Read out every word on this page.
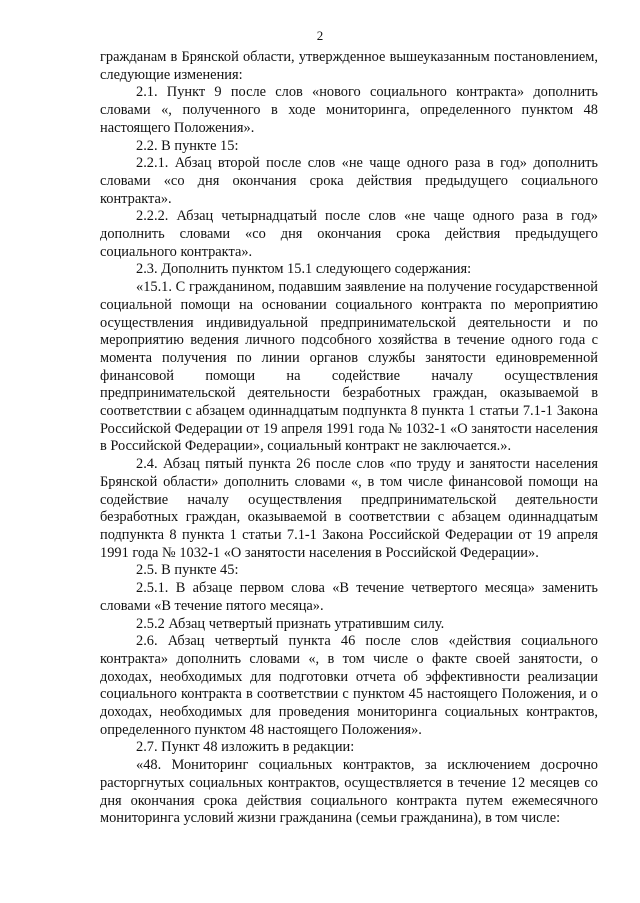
2

гражданам в Брянской области, утвержденное вышеуказанным постановлением, следующие изменения:

2.1. Пункт 9 после слов «нового социального контракта» дополнить словами «, полученного в ходе мониторинга, определенного пунктом 48 настоящего Положения».

2.2. В пункте 15:

2.2.1. Абзац второй после слов «не чаще одного раза в год» дополнить словами «со дня окончания срока действия предыдущего социального контракта».

2.2.2. Абзац четырнадцатый после слов «не чаще одного раза в год» дополнить словами «со дня окончания срока действия предыдущего социального контракта».

2.3. Дополнить пунктом 15.1 следующего содержания:

«15.1. С гражданином, подавшим заявление на получение государственной социальной помощи на основании социального контракта по мероприятию осуществления индивидуальной предпринимательской деятельности и по мероприятию ведения личного подсобного хозяйства в течение одного года с момента получения по линии органов службы занятости единовременной финансовой помощи на содействие началу осуществления предпринимательской деятельности безработных граждан, оказываемой в соответствии с абзацем одиннадцатым подпункта 8 пункта 1 статьи 7.1-1 Закона Российской Федерации от 19 апреля 1991 года № 1032-1 «О занятости населения в Российской Федерации», социальный контракт не заключается.».

2.4. Абзац пятый пункта 26 после слов «по труду и занятости населения Брянской области» дополнить словами «, в том числе финансовой помощи на содействие началу осуществления предпринимательской деятельности безработных граждан, оказываемой в соответствии с абзацем одиннадцатым подпункта 8 пункта 1 статьи 7.1-1 Закона Российской Федерации от 19 апреля 1991 года № 1032-1 «О занятости населения в Российской Федерации».

2.5. В пункте 45:

2.5.1. В абзаце первом слова «В течение четвертого месяца» заменить словами «В течение пятого месяца».

2.5.2 Абзац четвертый признать утратившим силу.

2.6. Абзац четвертый пункта 46 после слов «действия социального контракта» дополнить словами «, в том числе о факте своей занятости, о доходах, необходимых для подготовки отчета об эффективности реализации социального контракта в соответствии с пунктом 45 настоящего Положения, и о доходах, необходимых для проведения мониторинга социальных контрактов, определенного пунктом 48 настоящего Положения».

2.7. Пункт 48 изложить в редакции:

«48. Мониторинг социальных контрактов, за исключением досрочно расторгнутых социальных контрактов, осуществляется в течение 12 месяцев со дня окончания срока действия социального контракта путем ежемесячного мониторинга условий жизни гражданина (семьи гражданина), в том числе:
